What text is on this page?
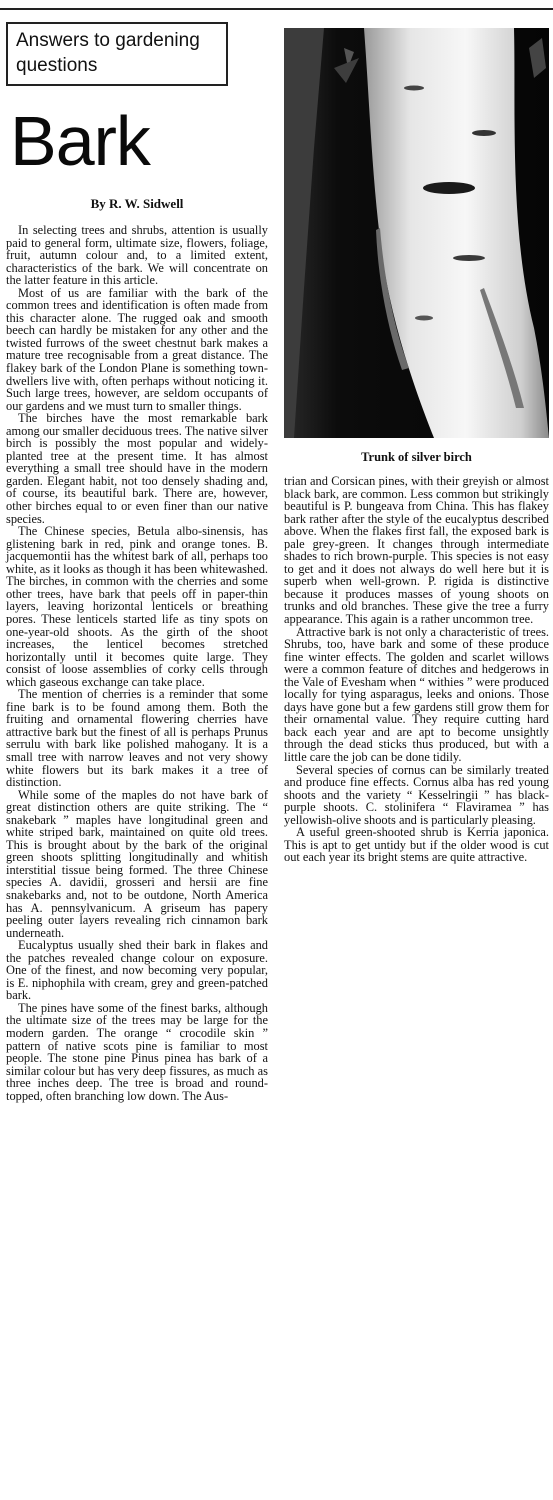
Answers to gardening questions
Bark
By R. W. Sidwell

In selecting trees and shrubs, attention is usually paid to general form, ultimate size, flowers, foliage, fruit, autumn colour and, to a limited extent, characteristics of the bark. We will concentrate on the latter feature in this article.

Most of us are familiar with the bark of the common trees and identification is often made from this character alone. The rugged oak and smooth beech can hardly be mistaken for any other and the twisted furrows of the sweet chestnut bark makes a mature tree recognisable from a great distance. The flakey bark of the London Plane is something town-dwellers live with, often perhaps without noticing it. Such large trees, however, are seldom occupants of our gardens and we must turn to smaller things.

The birches have the most remarkable bark among our smaller deciduous trees. The native silver birch is possibly the most popular and widely-planted tree at the present time. It has almost everything a small tree should have in the modern garden. Elegant habit, not too densely shading and, of course, its beautiful bark. There are, however, other birches equal to or even finer than our native species.

The Chinese species, Betula albo-sinensis, has glistening bark in red, pink and orange tones. B. jacquemontii has the whitest bark of all, perhaps too white, as it looks as though it has been whitewashed. The birches, in common with the cherries and some other trees, have bark that peels off in paper-thin layers, leaving horizontal lenticels or breathing pores. These lenticels started life as tiny spots on one-year-old shoots. As the girth of the shoot increases, the lenticel becomes stretched horizontally until it becomes quite large. They consist of loose assemblies of corky cells through which gaseous exchange can take place.

The mention of cherries is a reminder that some fine bark is to be found among them. Both the fruiting and ornamental flowering cherries have attractive bark but the finest of all is perhaps Prunus serrulu with bark like polished mahogany. It is a small tree with narrow leaves and not very showy white flowers but its bark makes it a tree of distinction.

While some of the maples do not have bark of great distinction others are quite striking. The “ snakebark ” maples have longitudinal green and white striped bark, maintained on quite old trees. This is brought about by the bark of the original green shoots splitting longitudinally and whitish interstitial tissue being formed. The three Chinese species A. davidii, grosseri and hersii are fine snakebarks and, not to be outdone, North America has A. pennsylvanicum. A griseum has papery peeling outer layers revealing rich cinnamon bark underneath.

Eucalyptus usually shed their bark in flakes and the patches revealed change colour on exposure. One of the finest, and now becoming very popular, is E. niphophila with cream, grey and green-patched bark.

The pines have some of the finest barks, although the ultimate size of the trees may be large for the modern garden. The orange “ crocodile skin ” pattern of native scots pine is familiar to most people. The stone pine Pinus pinea has bark of a similar colour but has very deep fissures, as much as three inches deep. The tree is broad and round-topped, often branching low down. The Aus-

Trunk of silver birch

trian and Corsican pines, with their greyish or almost black bark, are common. Less common but strikingly beautiful is P. bungeava from China. This has flakey bark rather after the style of the eucalyptus described above. When the flakes first fall, the exposed bark is pale grey-green. It changes through intermediate shades to rich brown-purple. This species is not easy to get and it does not always do well here but it is superb when well-grown. P. rigida is distinctive because it produces masses of young shoots on trunks and old branches. These give the tree a furry appearance. This again is a rather uncommon tree.

Attractive bark is not only a characteristic of trees. Shrubs, too, have bark and some of these produce fine winter effects. The golden and scarlet willows were a common feature of ditches and hedgerows in the Vale of Evesham when “ withies ” were produced locally for tying asparagus, leeks and onions. Those days have gone but a few gardens still grow them for their ornamental value. They require cutting hard back each year and are apt to become unsightly through the dead sticks thus produced, but with a little care the job can be done tidily.

Several species of cornus can be similarly treated and produce fine effects. Cornus alba has red young shoots and the variety “ Kesselringii ” has black-purple shoots. C. stolinifera “ Flaviramea ” has yellowish-olive shoots and is particularly pleasing.

A useful green-shooted shrub is Kerria japonica. This is apt to get untidy but if the older wood is cut out each year its bright stems are quite attractive.
